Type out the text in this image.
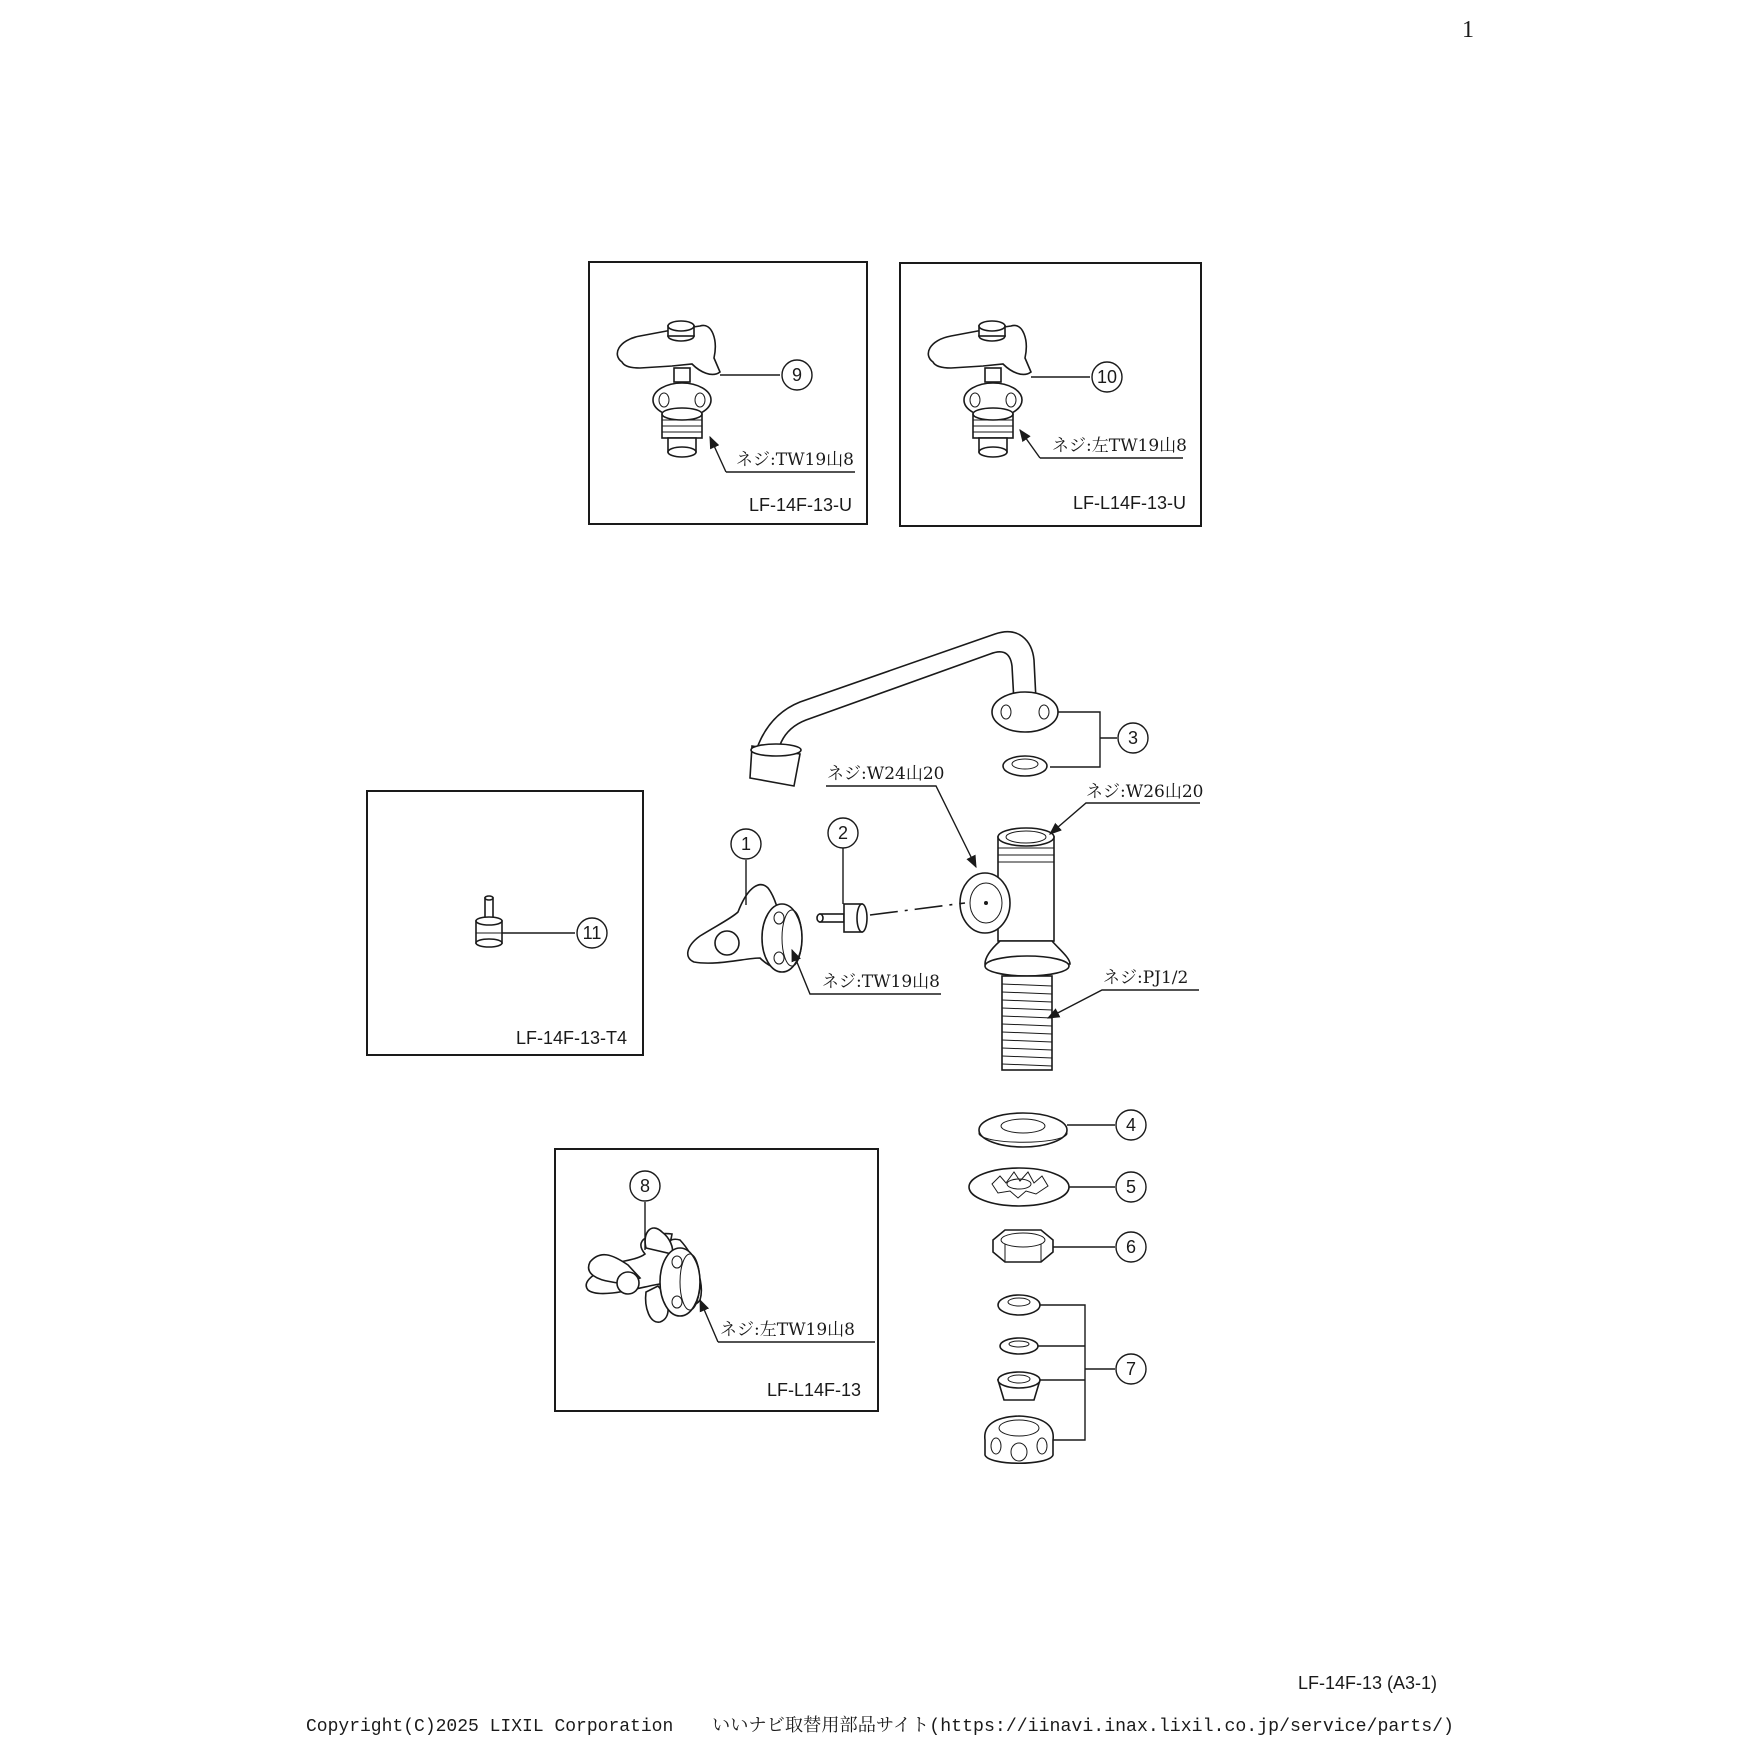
1
9
ネジ:TW19山8
LF-14F-13-U
10
ネジ:左TW19山8
LF-L14F-13-U
11
LF-14F-13-T4
8
ネジ:左TW19山8
LF-L14F-13
3
ネジ:W24山20
ネジ:W26山20
ネジ:PJ1/2
1
ネジ:TW19山8
2
4
5
6
7
LF-14F-13 (A3-1)
Copyright(C)2025 LIXIL Corporation いいナビ取替用部品サイト(https://iinavi.inax.lixil.co.jp/service/parts/)
